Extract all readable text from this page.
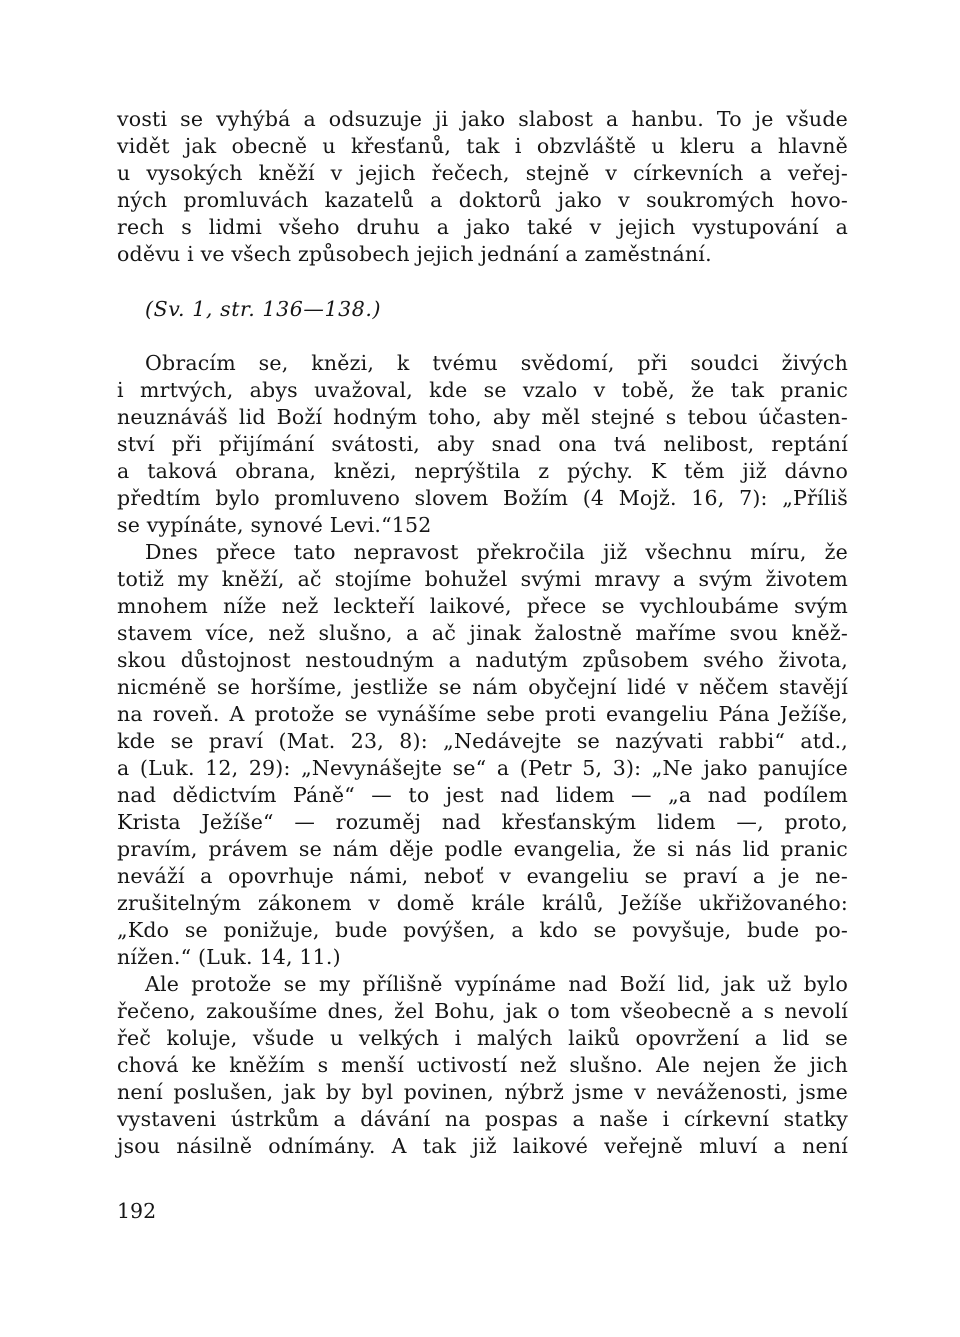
vosti se vyhýbá a odsuzuje ji jako slabost a hanbu. To je všude
vidět jak obecně u křesťanů, tak i obzvláště u kleru a hlavně
u vysokých kněží v jejich řečech, stejně v církevních a veřej-
ných promluvách kazatelů a doktorů jako v soukromých hovo-
rech s lidmi všeho druhu a jako také v jejich vystupování a
oděvu i ve všech způsobech jejich jednání a zaměstnání.
(Sv. 1, str. 136—138.)
Obracím se, knězi, k tvému svědomí, při soudci živých
i mrtvých, abys uvažoval, kde se vzalo v tobě, že tak pranic
neuznáváš lid Boží hodným toho, aby měl stejné s tebou účasten-
ství při přijímání svátosti, aby snad ona tvá nelibost, reptání
a taková obrana, knězi, neprýštila z pýchy. K těm již dávno
předtím bylo promluveno slovem Božím (4 Mojž. 16, 7): „Příliš
se vypínáte, synové Levi.“152
Dnes přece tato nepravost překročila již všechnu míru, že
totiž my kněží, ač stojíme bohužel svými mravy a svým životem
mnohem níže než leckteří laikové, přece se vychloubáme svým
stavem více, než slušno, a ač jinak žalostně maříme svou kněž-
skou důstojnost nestoudným a nadutým způsobem svého života,
nicméně se horšíme, jestliže se nám obyčejní lidé v něčem stavějí
na roveň. A protože se vynášíme sebe proti evangeliu Pána Ježíše,
kde se praví (Mat. 23, 8): „Nedávejte se nazývati rabbi“ atd.,
a (Luk. 12, 29): „Nevynášejte se“ a (Petr 5, 3): „Ne jako panujíce
nad dědictvím Páně“ — to jest nad lidem — „a nad podílem
Krista Ježíše“ — rozuměj nad křesťanským lidem —, proto,
pravím, právem se nám děje podle evangelia, že si nás lid pranic
neváží a opovrhuje námi, neboť v evangeliu se praví a je ne-
zrušitelným zákonem v domě krále králů, Ježíše ukřižovaného:
„Kdo se ponižuje, bude povýšen, a kdo se povyšuje, bude po-
nížen.“ (Luk. 14, 11.)
Ale protože se my přílišně vypínáme nad Boží lid, jak už bylo
řečeno, zakoušíme dnes, žel Bohu, jak o tom všeobecně a s nevolí
řeč koluje, všude u velkých i malých laiků opovržení a lid se
chová ke kněžím s menší uctivostí než slušno. Ale nejen že jich
není poslušen, jak by byl povinen, nýbrž jsme v neváženosti, jsme
vystaveni ústrkům a dávání na pospas a naše i církevní statky
jsou násilně odnímány. A tak již laikové veřejně mluví a není
192
